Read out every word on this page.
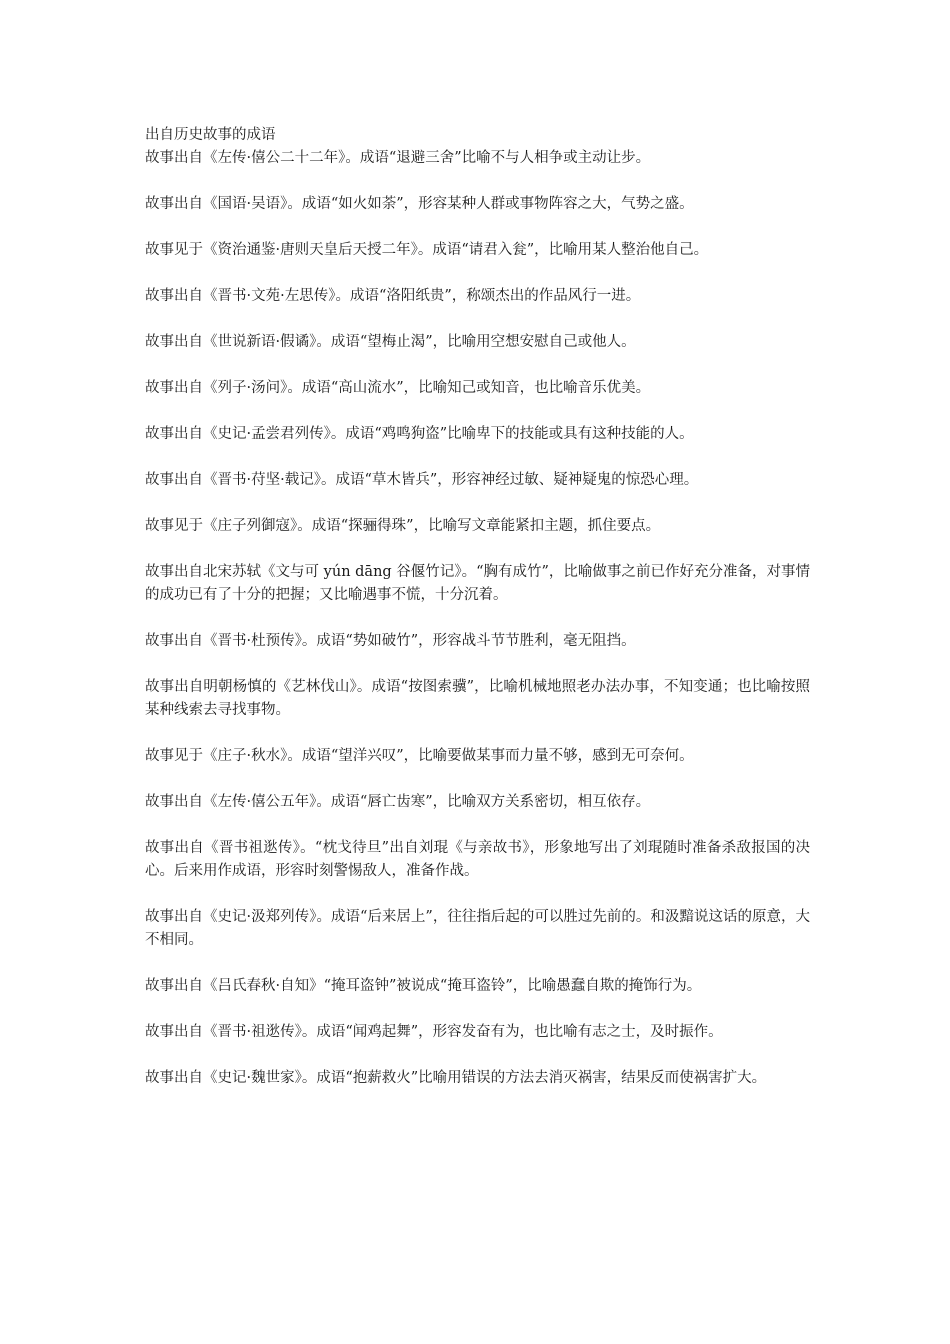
出自历史故事的成语

故事出自《左传·僖公二十二年》。成语“退避三舍”比喻不与人相争或主动让步。

故事出自《国语·吴语》。成语“如火如荼”，形容某种人群或事物阵容之大，气势之盛。

故事见于《资治通鉴·唐则天皇后天授二年》。成语“请君入瓮”，比喻用某人整治他自己。

故事出自《晋书·文苑·左思传》。成语“洛阳纸贵”，称颂杰出的作品风行一进。

故事出自《世说新语·假谲》。成语“望梅止渴”，比喻用空想安慰自己或他人。

故事出自《列子·汤问》。成语“高山流水”，比喻知己或知音，也比喻音乐优美。

故事出自《史记·孟尝君列传》。成语“鸡鸣狗盗”比喻卑下的技能或具有这种技能的人。

故事出自《晋书·苻坚·载记》。成语“草木皆兵”，形容神经过敏、疑神疑鬼的惊恐心理。

故事见于《庄子列御寇》。成语“探骊得珠”，比喻写文章能紧扣主题，抓住要点。

故事出自北宋苏轼《文与可 yún dāng 谷偃竹记》。“胸有成竹”，比喻做事之前已作好充分准备，对事情的成功已有了十分的把握；又比喻遇事不慌，十分沉着。

故事出自《晋书·杜预传》。成语“势如破竹”，形容战斗节节胜利，毫无阻挡。

故事出自明朝杨慎的《艺林伐山》。成语“按图索骥”，比喻机械地照老办法办事，不知变通；也比喻按照某种线索去寻找事物。

故事见于《庄子·秋水》。成语“望洋兴叹”，比喻要做某事而力量不够，感到无可奈何。

故事出自《左传·僖公五年》。成语“唇亡齿寒”，比喻双方关系密切，相互依存。

故事出自《晋书祖逖传》。“枕戈待旦”出自刘琨《与亲故书》，形象地写出了刘琨随时准备杀敌报国的决心。后来用作成语，形容时刻警惕敌人，准备作战。

故事出自《史记·汲郑列传》。成语“后来居上”，往往指后起的可以胜过先前的。和汲黯说这话的原意，大不相同。

故事出自《吕氏春秋·自知》“掩耳盗钟”被说成“掩耳盗铃”，比喻愚蠢自欺的掩饰行为。

故事出自《晋书·祖逖传》。成语“闻鸡起舞”，形容发奋有为，也比喻有志之士，及时振作。

故事出自《史记·魏世家》。成语“抱薪救火”比喻用错误的方法去消灭祸害，结果反而使祸害扩大。
